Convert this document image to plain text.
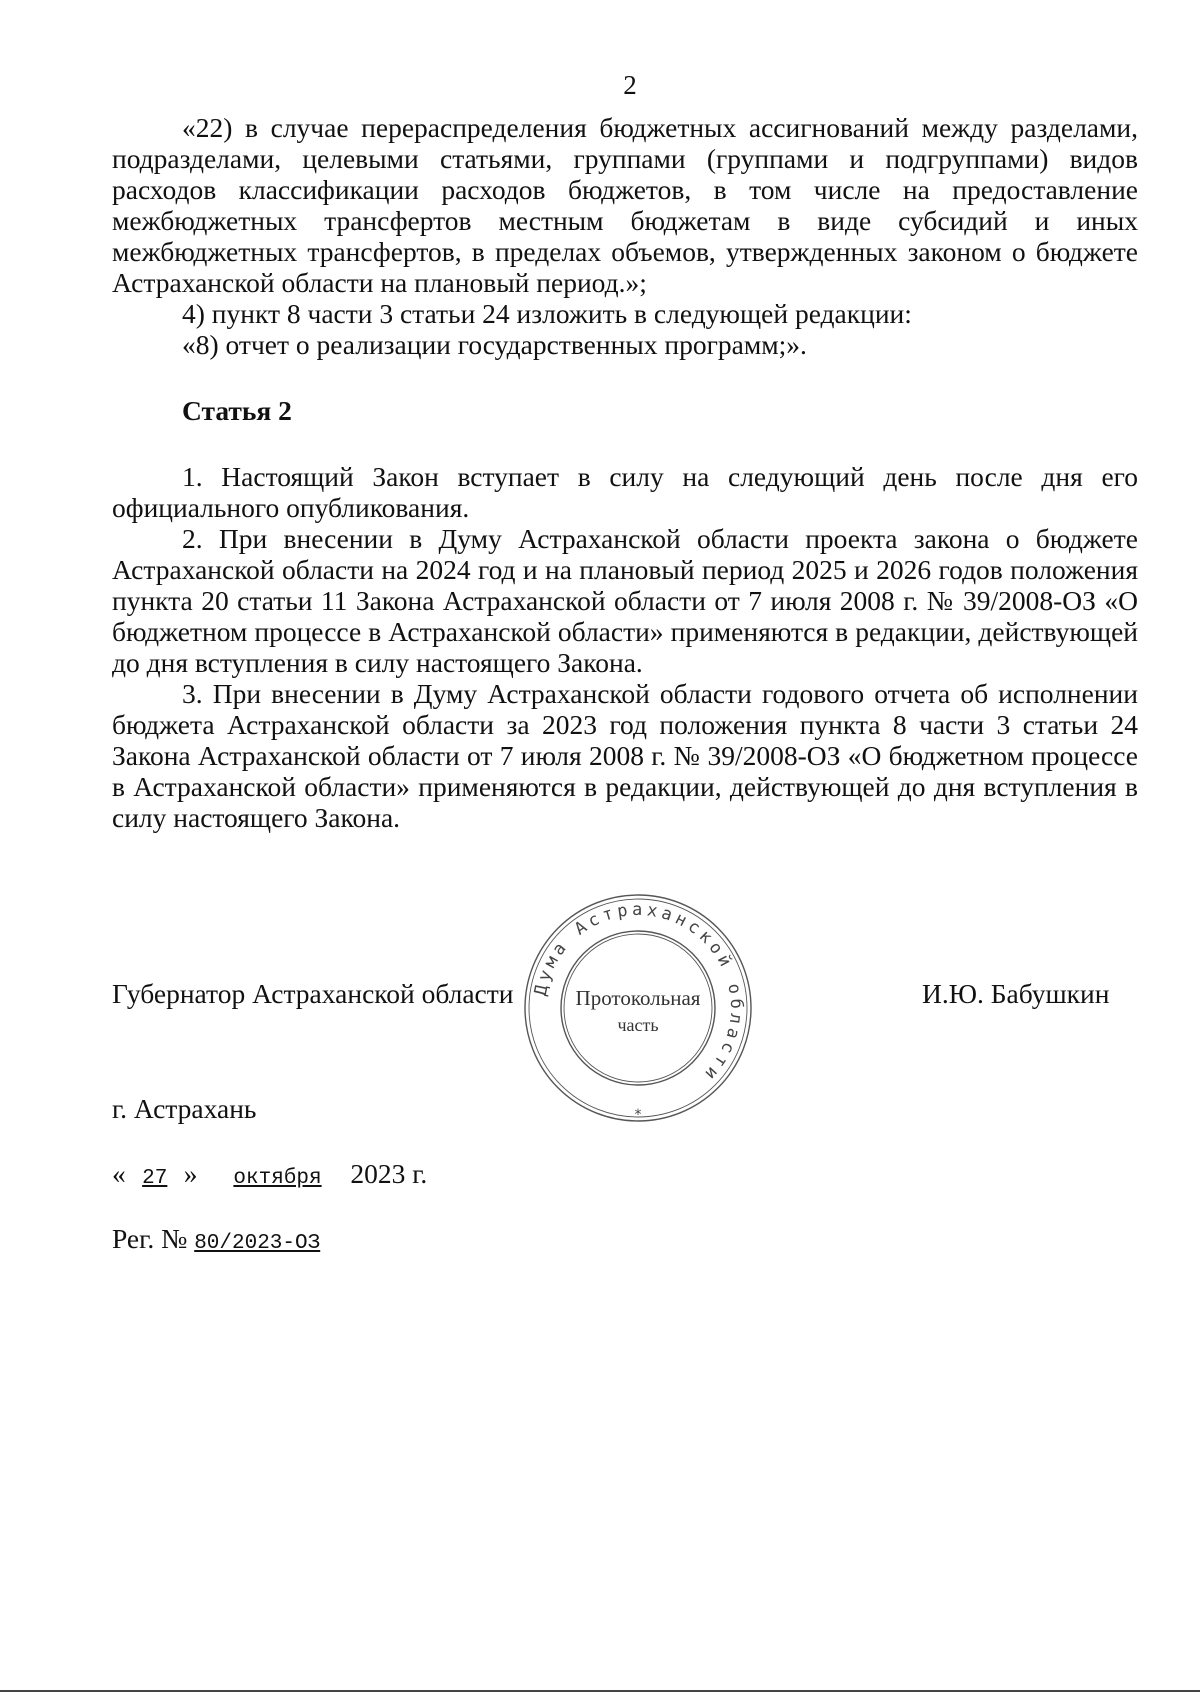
2

«22) в случае перераспределения бюджетных ассигнований между разделами, подразделами, целевыми статьями, группами (группами и подгруппами) видов расходов классификации расходов бюджетов, в том числе на предоставление межбюджетных трансфертов местным бюджетам в виде субсидий и иных межбюджетных трансфертов, в пределах объемов, утвержденных законом о бюджете Астраханской области на плановый период.»;

4) пункт 8 части 3 статьи 24 изложить в следующей редакции:

«8) отчет о реализации государственных программ;».

Статья 2

1. Настоящий Закон вступает в силу на следующий день после дня его официального опубликования.

2. При внесении в Думу Астраханской области проекта закона о бюджете Астраханской области на 2024 год и на плановый период 2025 и 2026 годов положения пункта 20 статьи 11 Закона Астраханской области от 7 июля 2008 г. № 39/2008-ОЗ «О бюджетном процессе в Астраханской области» применяются в редакции, действующей до дня вступления в силу настоящего Закона.

3. При внесении в Думу Астраханской области годового отчета об исполнении бюджета Астраханской области за 2023 год положения пункта 8 части 3 статьи 24 Закона Астраханской области от 7 июля 2008 г. № 39/2008-ОЗ «О бюджетном процессе в Астраханской области» применяются в редакции, действующей до дня вступления в силу настоящего Закона.

Губернатор Астраханской области	И.Ю. Бабушкин
Дума Астраханской области
Протокольная
часть
*
г. Астрахань
« 27 » октября 2023 г.
Рег. № 80/2023-ОЗ
